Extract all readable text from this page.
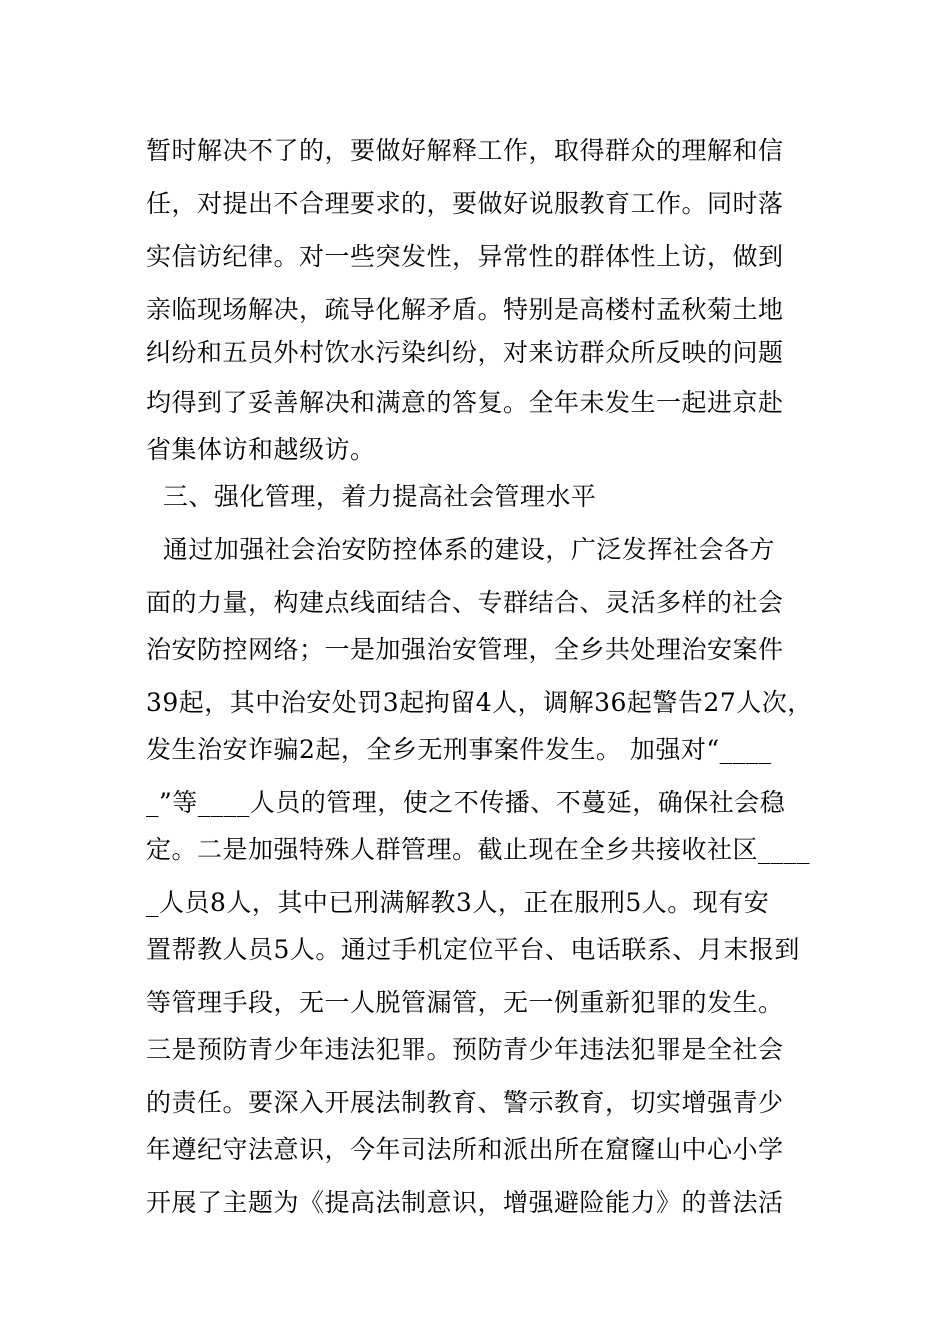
暂时解决不了的，要做好解释工作，取得群众的理解和信
任，对提出不合理要求的，要做好说服教育工作。同时落
实信访纪律。对一些突发性，异常性的群体性上访，做到
亲临现场解决，疏导化解矛盾。特别是高楼村孟秋菊土地
纠纷和五员外村饮水污染纠纷，对来访群众所反映的问题
均得到了妥善解决和满意的答复。全年未发生一起进京赴
省集体访和越级访。
三、强化管理，着力提高社会管理水平
通过加强社会治安防控体系的建设，广泛发挥社会各方
面的力量，构建点线面结合、专群结合、灵活多样的社会
治安防控网络；一是加强治安管理，全乡共处理治安案件
39起，其中治安处罚3起拘留4人，调解36起警告27人次，
发生治安诈骗2起，全乡无刑事案件发生。 加强对“____
_”等____人员的管理，使之不传播、不蔓延，确保社会稳
定。二是加强特殊人群管理。截止现在全乡共接收社区____
_人员8人，其中已刑满解教3人，正在服刑5人。现有安
置帮教人员5人。通过手机定位平台、电话联系、月末报到
等管理手段，无一人脱管漏管，无一例重新犯罪的发生。
三是预防青少年违法犯罪。预防青少年违法犯罪是全社会
的责任。要深入开展法制教育、警示教育，切实增强青少
年遵纪守法意识，今年司法所和派出所在窟窿山中心小学
开展了主题为《提高法制意识，增强避险能力》的普法活
